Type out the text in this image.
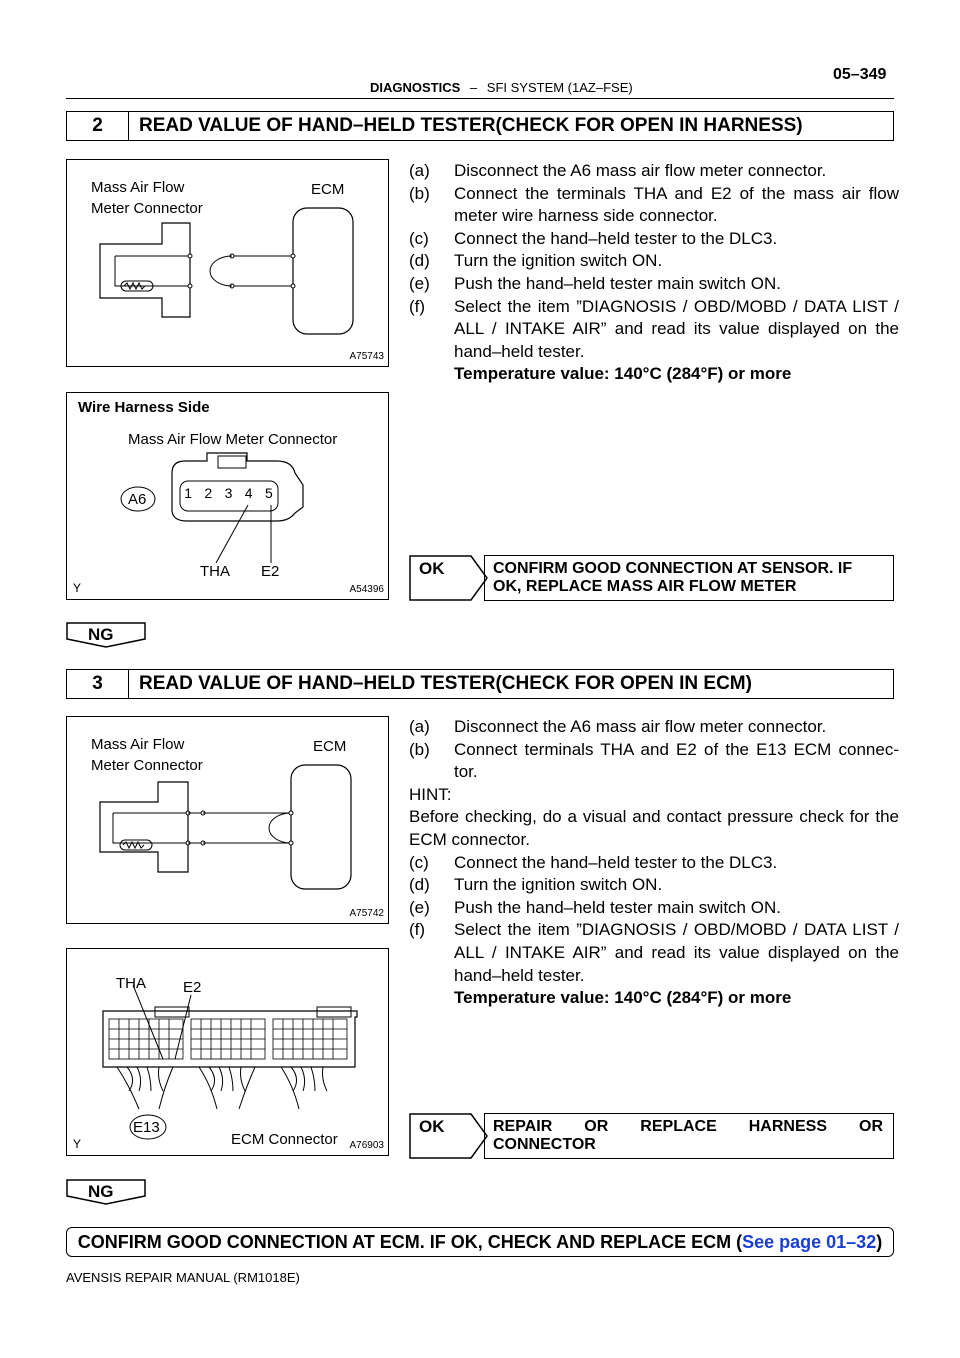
DIAGNOSTICS – SFI SYSTEM (1AZ–FSE)
05–349
2	READ VALUE OF HAND–HELD TESTER(CHECK FOR OPEN IN HARNESS)
Mass Air Flow
Meter Connector
ECM
A75743
Wire Harness Side
Mass Air Flow Meter Connector
1 2 3 4 5
A6
THA E2
Y	A54396
(a)	Disconnect the A6 mass air flow meter connector.
(b)	Connect the terminals THA and E2 of the mass air flow meter wire harness side connector.
(c)	Connect the hand–held tester to the DLC3.
(d)	Turn the ignition switch ON.
(e)	Push the hand–held tester main switch ON.
(f)	Select the item ”DIAGNOSIS / OBD/MOBD / DATA LIST / ALL / INTAKE AIR” and read its value displayed on the hand–held tester.
Temperature value: 140°C (284°F) or more
OK	CONFIRM GOOD CONNECTION AT SENSOR. IF
OK, REPLACE MASS AIR FLOW METER
NG
3	READ VALUE OF HAND–HELD TESTER(CHECK FOR OPEN IN ECM)
Mass Air Flow
Meter Connector
ECM
A75742
THA E2
E13
ECM Connector
Y	A76903
(a)	Disconnect the A6 mass air flow meter connector.
(b)	Connect terminals THA and E2 of the E13 ECM connec- tor.
HINT:
Before checking, do a visual and contact pressure check for the ECM connector.
(c)	Connect the hand–held tester to the DLC3.
(d)	Turn the ignition switch ON.
(e)	Push the hand–held tester main switch ON.
(f)	Select the item ”DIAGNOSIS / OBD/MOBD / DATA LIST / ALL / INTAKE AIR” and read its value displayed on the hand–held tester.
Temperature value: 140°C (284°F) or more
OK	REPAIR OR REPLACE HARNESS OR
CONNECTOR
NG
CONFIRM GOOD CONNECTION AT ECM. IF OK, CHECK AND REPLACE ECM ( See page 01–32 )
AVENSIS REPAIR MANUAL (RM1018E)
